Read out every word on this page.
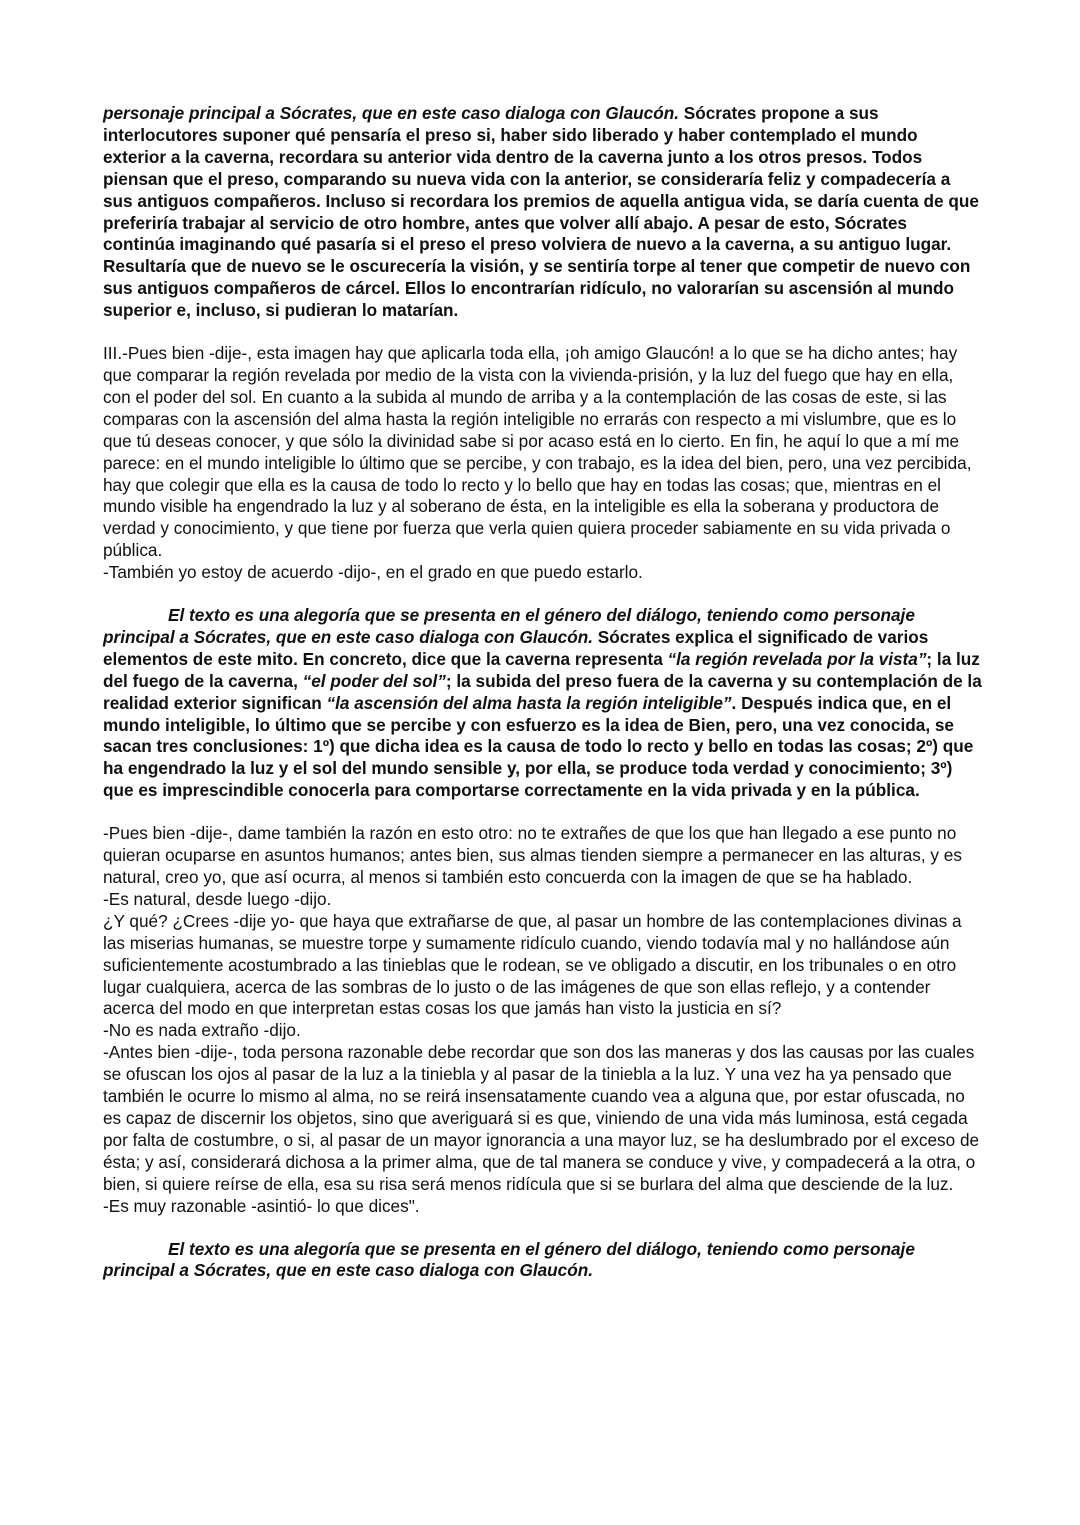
personaje principal a Sócrates, que en este caso dialoga con Glaucón. Sócrates propone a sus interlocutores suponer qué pensaría el preso si, haber sido liberado y haber contemplado el mundo exterior a la caverna, recordara su anterior vida dentro de la caverna junto a los otros presos. Todos piensan que el preso, comparando su nueva vida con la anterior, se consideraría feliz y compadecería a sus antiguos compañeros. Incluso si recordara los premios de aquella antigua vida, se daría cuenta de que preferiría trabajar al servicio de otro hombre, antes que volver allí abajo. A pesar de esto, Sócrates continúa imaginando qué pasaría si el preso el preso volviera de nuevo a la caverna, a su antiguo lugar. Resultaría que de nuevo se le oscurecería la visión, y se sentiría torpe al tener que competir de nuevo con sus antiguos compañeros de cárcel. Ellos lo encontrarían ridículo, no valorarían su ascensión al mundo superior e, incluso, si pudieran lo matarían.

III.-Pues bien -dije-, esta imagen hay que aplicarla toda ella, ¡oh amigo Glaucón! a lo que se ha dicho antes; hay que comparar la región revelada por medio de la vista con la vivienda-prisión, y la luz del fuego que hay en ella, con el poder del sol. En cuanto a la subida al mundo de arriba y a la contemplación de las cosas de este, si las comparas con la ascensión del alma hasta la región inteligible no errarás con respecto a mi vislumbre, que es lo que tú deseas conocer, y que sólo la divinidad sabe si por acaso está en lo cierto. En fin, he aquí lo que a mí me parece: en el mundo inteligible lo último que se percibe, y con trabajo, es la idea del bien, pero, una vez percibida, hay que colegir que ella es la causa de todo lo recto y lo bello que hay en todas las cosas; que, mientras en el mundo visible ha engendrado la luz y al soberano de ésta, en la inteligible es ella la soberana y productora de verdad y conocimiento, y que tiene por fuerza que verla quien quiera proceder sabiamente en su vida privada o pública.

-También yo estoy de acuerdo -dijo-, en el grado en que puedo estarlo.

El texto es una alegoría que se presenta en el género del diálogo, teniendo como personaje principal a Sócrates, que en este caso dialoga con Glaucón. Sócrates explica el significado de varios elementos de este mito. En concreto, dice que la caverna representa “la región revelada por la vista”; la luz del fuego de la caverna, “el poder del sol”; la subida del preso fuera de la caverna y su contemplación de la realidad exterior significan “la ascensión del alma hasta la región inteligible”. Después indica que, en el mundo inteligible, lo último que se percibe y con esfuerzo es la idea de Bien, pero, una vez conocida, se sacan tres conclusiones: 1º) que dicha idea es la causa de todo lo recto y bello en todas las cosas; 2º) que ha engendrado la luz y el sol del mundo sensible y, por ella, se produce toda verdad y conocimiento; 3º) que es imprescindible conocerla para comportarse correctamente en la vida privada y en la pública.

-Pues bien -dije-, dame también la razón en esto otro: no te extrañes de que los que han llegado a ese punto no quieran ocuparse en asuntos humanos; antes bien, sus almas tienden siempre a permanecer en las alturas, y es natural, creo yo, que así ocurra, al menos si también esto concuerda con la imagen de que se ha hablado.

-Es natural, desde luego -dijo.

¿Y qué? ¿Crees -dije yo- que haya que extrañarse de que, al pasar un hombre de las contemplaciones divinas a las miserias humanas, se muestre torpe y sumamente ridículo cuando, viendo todavía mal y no hallándose aún suficientemente acostumbrado a las tinieblas que le rodean, se ve obligado a discutir, en los tribunales o en otro lugar cualquiera, acerca de las sombras de lo justo o de las imágenes de que son ellas reflejo, y a contender acerca del modo en que interpretan estas cosas los que jamás han visto la justicia en sí?

-No es nada extraño -dijo.

-Antes bien -dije-, toda persona razonable debe recordar que son dos las maneras y dos las causas por las cuales se ofuscan los ojos al pasar de la luz a la tiniebla y al pasar de la tiniebla a la luz. Y una vez ha ya pensado que también le ocurre lo mismo al alma, no se reirá insensatamente cuando vea a alguna que, por estar ofuscada, no es capaz de discernir los objetos, sino que averiguará si es que, viniendo de una vida más luminosa, está cegada por falta de costumbre, o si, al pasar de un mayor ignorancia a una mayor luz, se ha deslumbrado por el exceso de ésta; y así, considerará dichosa a la primer alma, que de tal manera se conduce y vive, y compadecerá a la otra, o bien, si quiere reírse de ella, esa su risa será menos ridícula que si se burlara del alma que desciende de la luz.

-Es muy razonable -asintió- lo que dices".

El texto es una alegoría que se presenta en el género del diálogo, teniendo como personaje principal a Sócrates, que en este caso dialoga con Glaucón.
